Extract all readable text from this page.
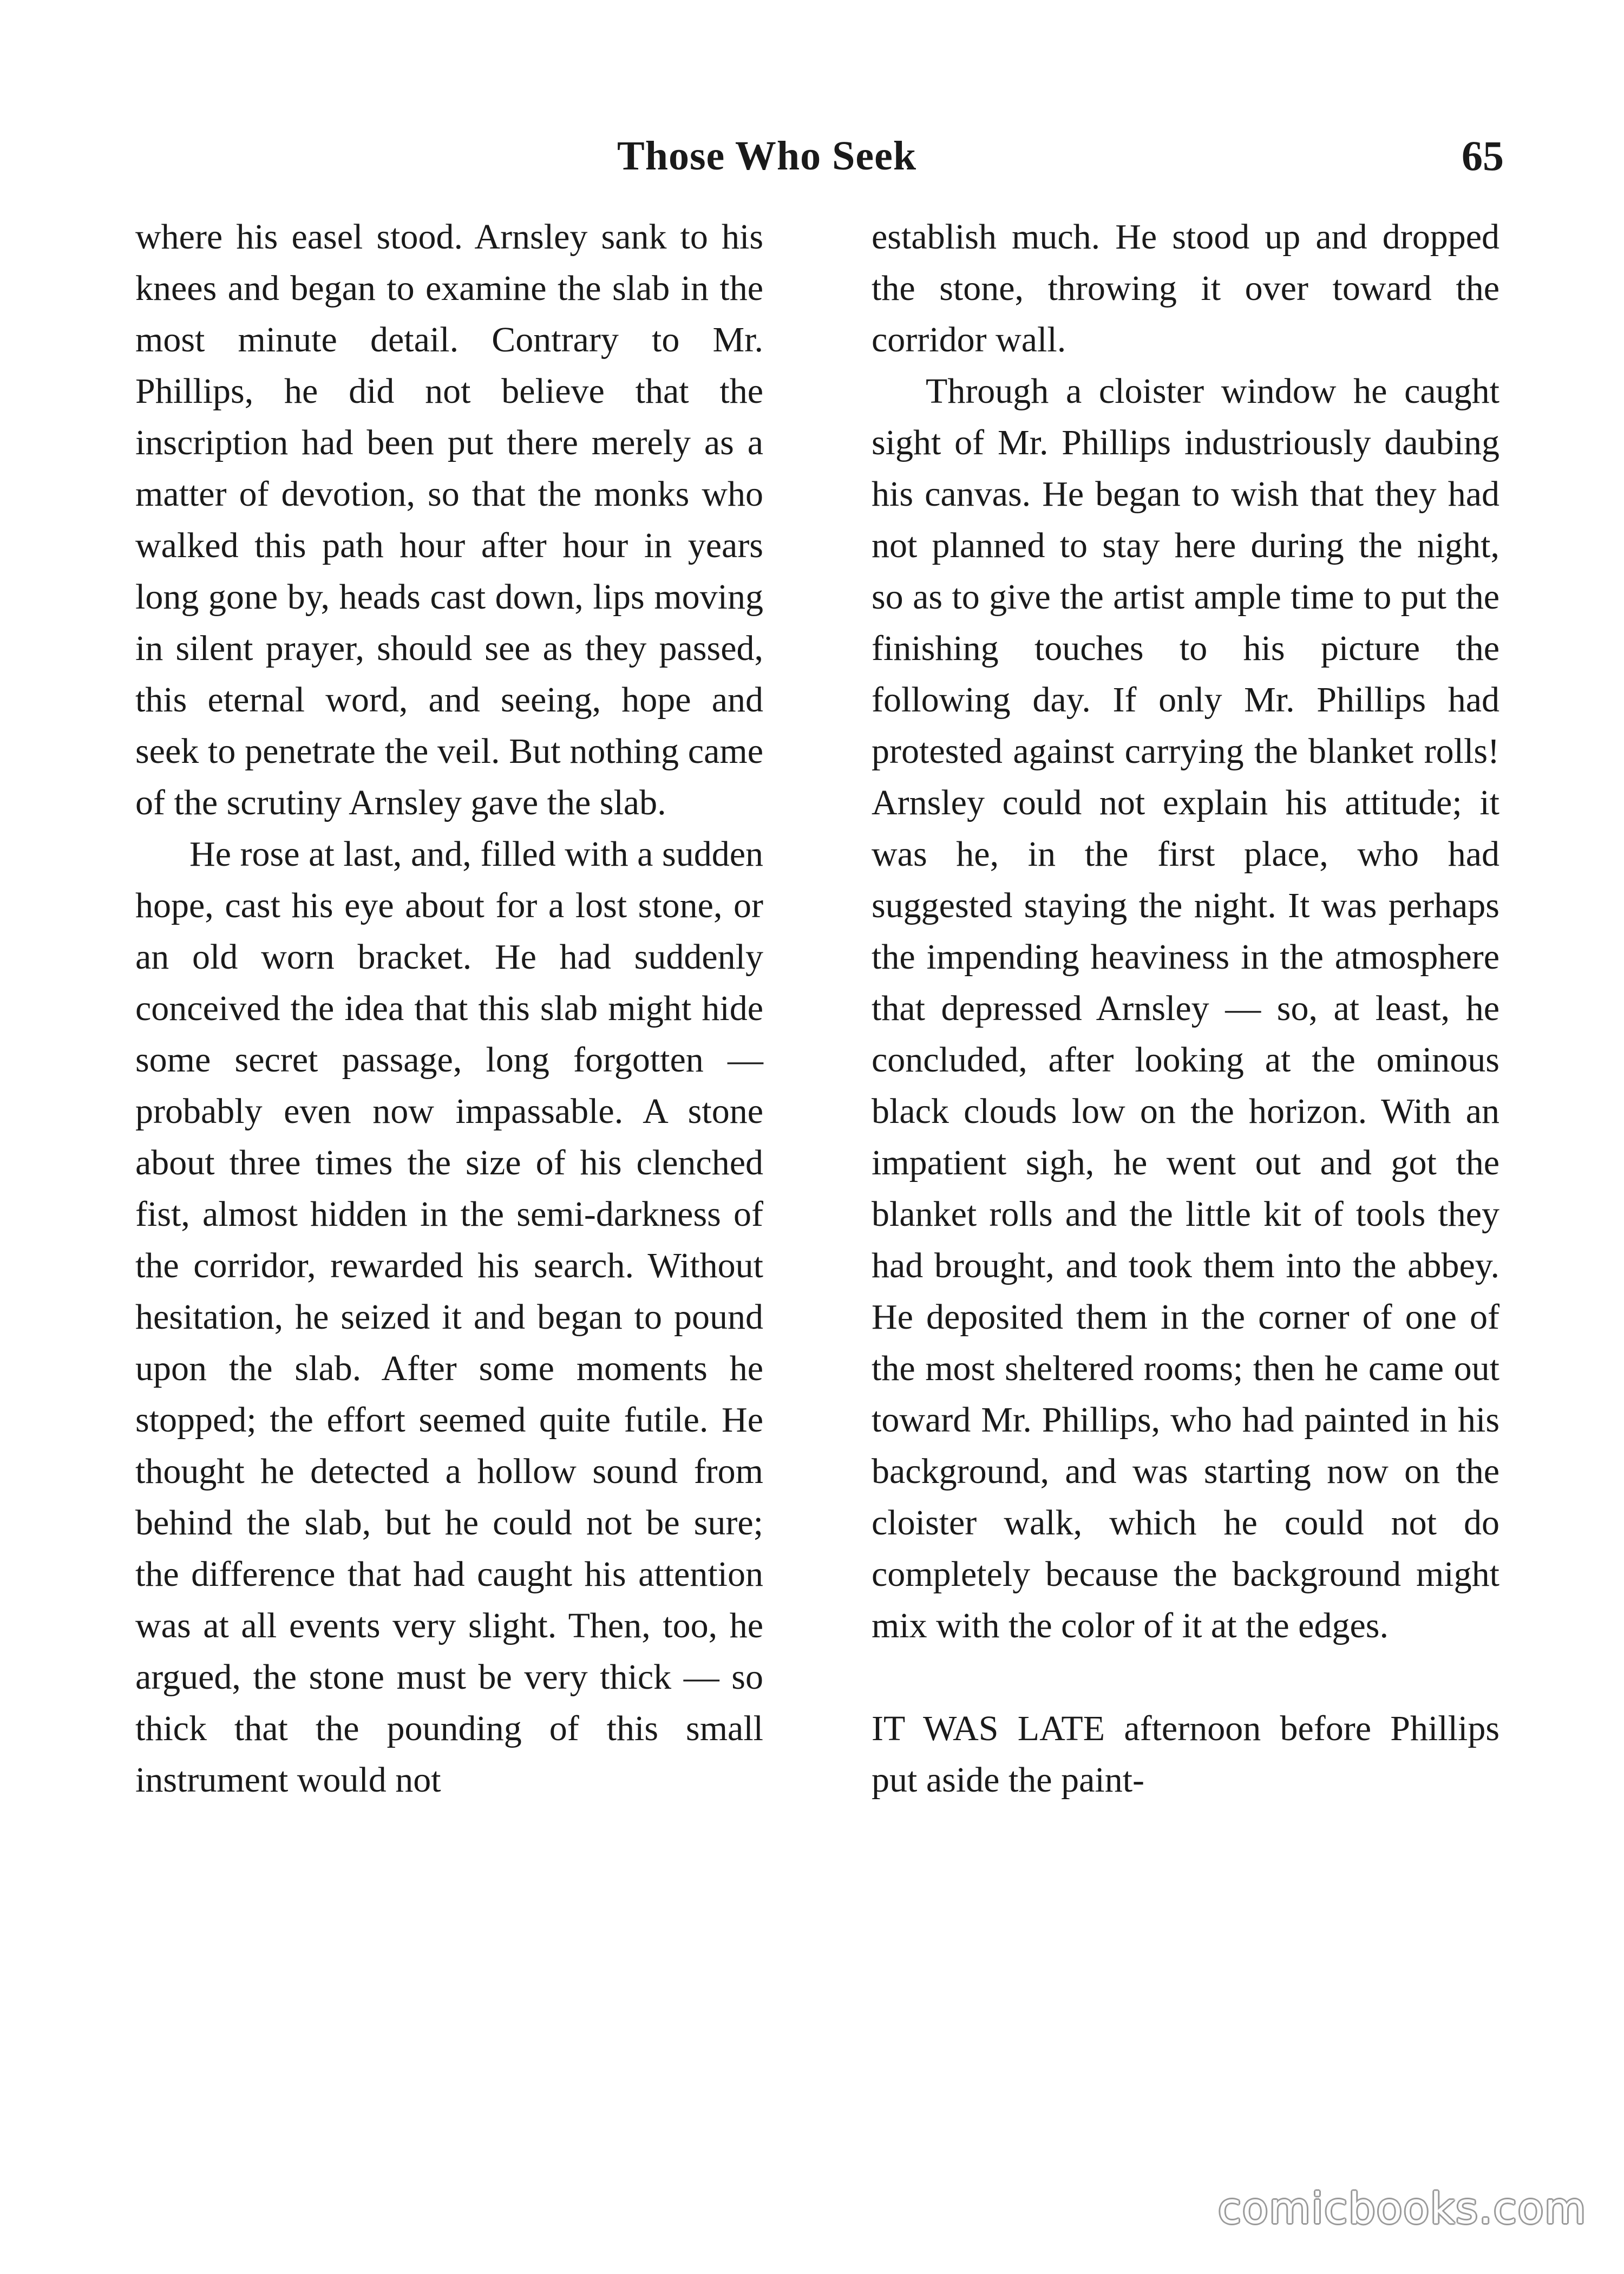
Those Who Seek	65

where his easel stood. Arnsley sank to his knees and began to examine the slab in the most minute detail. Contrary to Mr. Phillips, he did not believe that the inscription had been put there merely as a matter of devotion, so that the monks who walked this path hour after hour in years long gone by, heads cast down, lips moving in silent prayer, should see as they passed, this eternal word, and seeing, hope and seek to penetrate the veil. But nothing came of the scrutiny Arnsley gave the slab.

He rose at last, and, filled with a sudden hope, cast his eye about for a lost stone, or an old worn bracket. He had suddenly conceived the idea that this slab might hide some secret passage, long forgotten — probably even now impassable. A stone about three times the size of his clenched fist, almost hidden in the semi-darkness of the corridor, rewarded his search. Without hesitation, he seized it and began to pound upon the slab. After some moments he stopped; the effort seemed quite futile. He thought he detected a hollow sound from behind the slab, but he could not be sure; the difference that had caught his attention was at all events very slight. Then, too, he argued, the stone must be very thick — so thick that the pounding of this small instrument would not

establish much. He stood up and dropped the stone, throwing it over toward the corridor wall.

Through a cloister window he caught sight of Mr. Phillips industriously daubing his canvas. He began to wish that they had not planned to stay here during the night, so as to give the artist ample time to put the finishing touches to his picture the following day. If only Mr. Phillips had protested against carrying the blanket rolls! Arnsley could not explain his attitude; it was he, in the first place, who had suggested staying the night. It was perhaps the impending heaviness in the atmosphere that depressed Arnsley — so, at least, he concluded, after looking at the ominous black clouds low on the horizon. With an impatient sigh, he went out and got the blanket rolls and the little kit of tools they had brought, and took them into the abbey. He deposited them in the corner of one of the most sheltered rooms; then he came out toward Mr. Phillips, who had painted in his background, and was starting now on the cloister walk, which he could not do completely because the background might mix with the color of it at the edges.

IT WAS LATE afternoon before Phillips put aside the paint-

comicbooks.com
